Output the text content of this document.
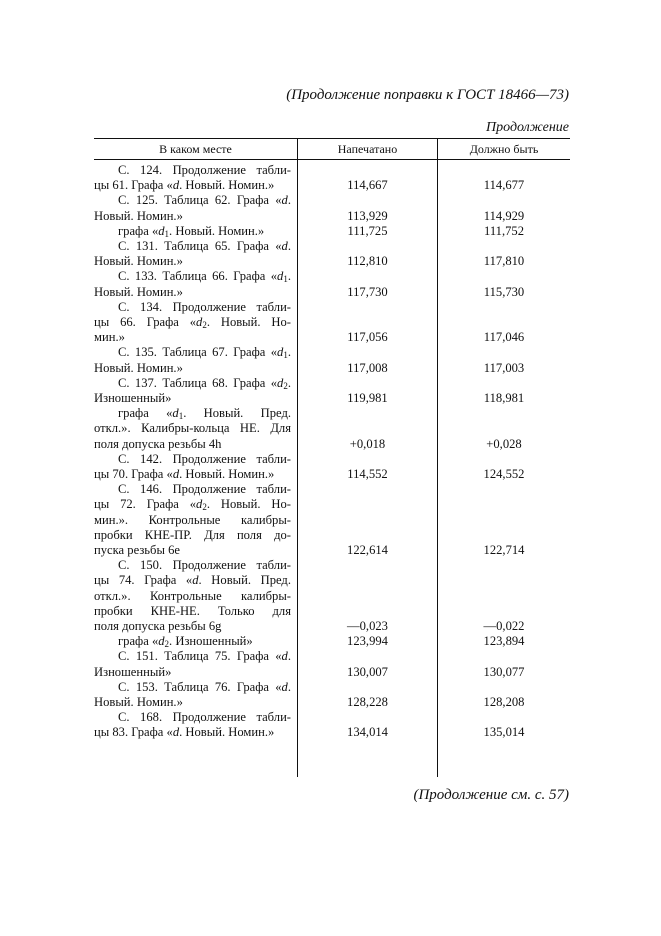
(Продолжение поправки к ГОСТ 18466—73)
Продолжение
В каком месте	Напечатано	Должно быть
С. 124. Продолжение табли-
цы 61. Графа «d. Новый. Номин.»	114,667	114,677
С. 125. Таблица 62. Графа «d.
Новый. Номин.»	113,929	114,929
графа «$d_1$. Новый. Номин.»	111,725	111,752
С. 131. Таблица 65. Графа «d.
Новый. Номин.»	112,810	117,810
С. 133. Таблица 66. Графа «$d_1$.
Новый. Номин.»	117,730	115,730
С. 134. Продолжение табли-
цы 66. Графа «$d_2$. Новый. Но-
мин.»	117,056	117,046
С. 135. Таблица 67. Графа «$d_1$.
Новый. Номин.»	117,008	117,003
С. 137. Таблица 68. Графа «$d_2$.
Изношенный»	119,981	118,981
графа «$d_1$. Новый. Пред.
откл.». Калибры-кольца НЕ. Для
поля допуска резьбы 4h	+0,018	+0,028
С. 142. Продолжение табли-
цы 70. Графа «d. Новый. Номин.»	114,552	124,552
С. 146. Продолжение табли-
цы 72. Графа «$d_2$. Новый. Но-
мин.». Контрольные калибры-
пробки КНЕ-ПР. Для поля до-
пуска резьбы 6е	122,614	122,714
С. 150. Продолжение табли-
цы 74. Графа «d. Новый. Пред.
откл.». Контрольные калибры-
пробки КНЕ-НЕ. Только для
поля допуска резьбы 6g	—0,023	—0,022
графа «$d_2$. Изношенный»	123,994	123,894
С. 151. Таблица 75. Графа «d.
Изношенный»	130,007	130,077
С. 153. Таблица 76. Графа «d.
Новый. Номин.»	128,228	128,208
С. 168. Продолжение табли-
цы 83. Графа «d. Новый. Номин.»	134,014	135,014
(Продолжение см. с. 57)
